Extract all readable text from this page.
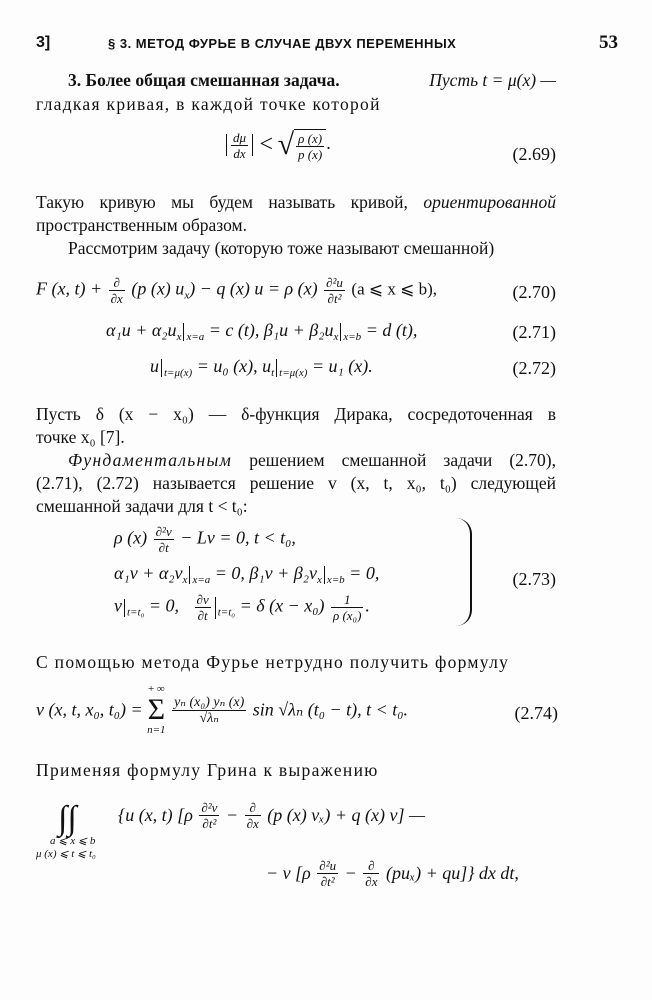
3]	§ 3. МЕТОД ФУРЬЕ В СЛУЧАЕ ДВУХ ПЕРЕМЕННЫХ	53
3. Более общая смешанная задача.	Пусть t = μ(x) —
гладкая кривая, в каждой точке которой
$\frac{d\mu}{dx}$ < √ $\frac{\rho (x)}{p (x)}$ .
(2.69)
Такую кривую мы будем называть кривой, ориентированной
пространственным образом.
Рассмотрим задачу (которую тоже называют смешанной)
F (x, $t) + \frac{\partial}{\partial x} (p$ (x) $u_x) - q$ (x) u = ρ $(x) \frac{\text{∂²u}}{\text{∂t²}} (a$ ⩽ x ⩽ b),	(2.70)
$\alpha_1u + \alpha_2u_x$ $_{x=a}$ = c (t), $\beta_1u + \beta_2u_x$ $_{x=b}$ = d (t),	(2.71)
u $_{t=\mu(x)}$ = u₀ (x), $u_t$ $_{t=\mu(x)}$ = u₁ (x).	(2.72)
Пусть δ (x − x₀) — δ-функция Дирака, сосредоточенная в
точке x₀ [7].
Фундаментальным решением смешанной задачи (2.70),
(2.71), (2.72) называется решение v (x, t, x₀, t₀) следующей
смешанной задачи для t < t₀:
ρ $(x) \frac{\text{∂²v}}{\partial t} - Lv = 0$, t < t₀,
$\alpha_1v + \alpha_2v_x$ $_{x=a}$ = 0, $\beta_1v + \beta_2v_x$ $_{x=b}$ = 0,
v $_{t=t_0}$ = 0, $\frac{\partial v}{\partial t} _{t=t_0} = \delta$ $(x - x_0) \frac{1}{\text{ρ (x₀)}}$ .
(2.73)
С помощью метода Фурье нетрудно получить формулу
v (x, t, x₀, t₀) =
+ ∞
Σ
n=1

$\frac{\text{yₙ (x₀) yₙ (x)}}{\text{√λₙ}}$ sin √λₙ (t₀ − t), t < t₀.	(2.74)
Применяя формулу Грина к выражению
∫∫
a ⩽ x ⩽ b
μ (x) ⩽ t ⩽ t₀
{u (x, t) [$\rho \frac{\text{∂²v}}{\text{∂t²}} - \frac{\partial}{\partial x} (p$ (x) vₓ) + q (x) v] —
− v $[\rho \frac{\text{∂²u}}{\text{∂t²}} - \frac{\partial}{\partial x} (pu_x) + qu]$} dx dt,
